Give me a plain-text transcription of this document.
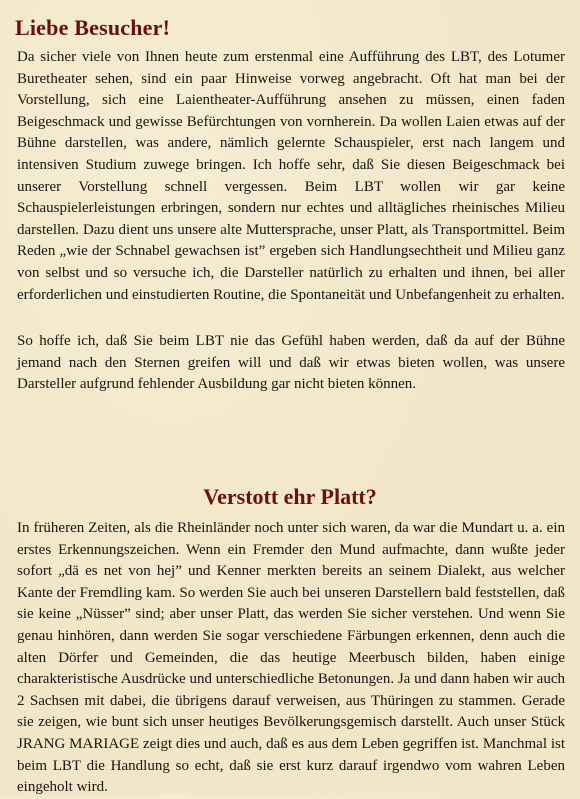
Liebe Besucher!

Da sicher viele von Ihnen heute zum erstenmal eine Aufführung des LBT, des Lotumer Buretheater sehen, sind ein paar Hinweise vorweg angebracht. Oft hat man bei der Vorstellung, sich eine Laientheater-Aufführung ansehen zu müssen, einen faden Beigeschmack und gewisse Befürchtungen von vornherein. Da wollen Laien etwas auf der Bühne darstellen, was andere, nämlich gelernte Schauspieler, erst nach langem und intensiven Studium zuwege bringen. Ich hoffe sehr, daß Sie diesen Beigeschmack bei unserer Vorstellung schnell vergessen. Beim LBT wollen wir gar keine Schauspielerleistungen erbringen, sondern nur echtes und alltägliches rheinisches Milieu darstellen. Dazu dient uns unsere alte Muttersprache, unser Platt, als Transportmittel. Beim Reden „wie der Schnabel gewachsen ist” ergeben sich Handlungsechtheit und Milieu ganz von selbst und so versuche ich, die Darsteller natürlich zu erhalten und ihnen, bei aller erforderlichen und einstudierten Routine, die Spontaneität und Unbefangenheit zu erhalten.

So hoffe ich, daß Sie beim LBT nie das Gefühl haben werden, daß da auf der Bühne jemand nach den Sternen greifen will und daß wir etwas bieten wollen, was unsere Darsteller aufgrund fehlender Ausbildung gar nicht bieten können.

Verstott ehr Platt?

In früheren Zeiten, als die Rheinländer noch unter sich waren, da war die Mundart u. a. ein erstes Erkennungszeichen. Wenn ein Fremder den Mund aufmachte, dann wußte jeder sofort „dä es net von hej” und Kenner merkten bereits an seinem Dialekt, aus welcher Kante der Fremdling kam. So werden Sie auch bei unseren Darstellern bald feststellen, daß sie keine „Nüsser” sind; aber unser Platt, das werden Sie sicher verstehen. Und wenn Sie genau hinhören, dann werden Sie sogar verschiedene Färbungen erkennen, denn auch die alten Dörfer und Gemeinden, die das heutige Meerbusch bilden, haben einige charakteristische Ausdrücke und unterschiedliche Betonungen. Ja und dann haben wir auch 2 Sachsen mit dabei, die übrigens darauf verweisen, aus Thüringen zu stammen. Gerade sie zeigen, wie bunt sich unser heutiges Bevölkerungsgemisch darstellt. Auch unser Stück JRANG MARIAGE zeigt dies und auch, daß es aus dem Leben gegriffen ist. Manchmal ist beim LBT die Handlung so echt, daß sie erst kurz darauf irgendwo vom wahren Leben eingeholt wird.
